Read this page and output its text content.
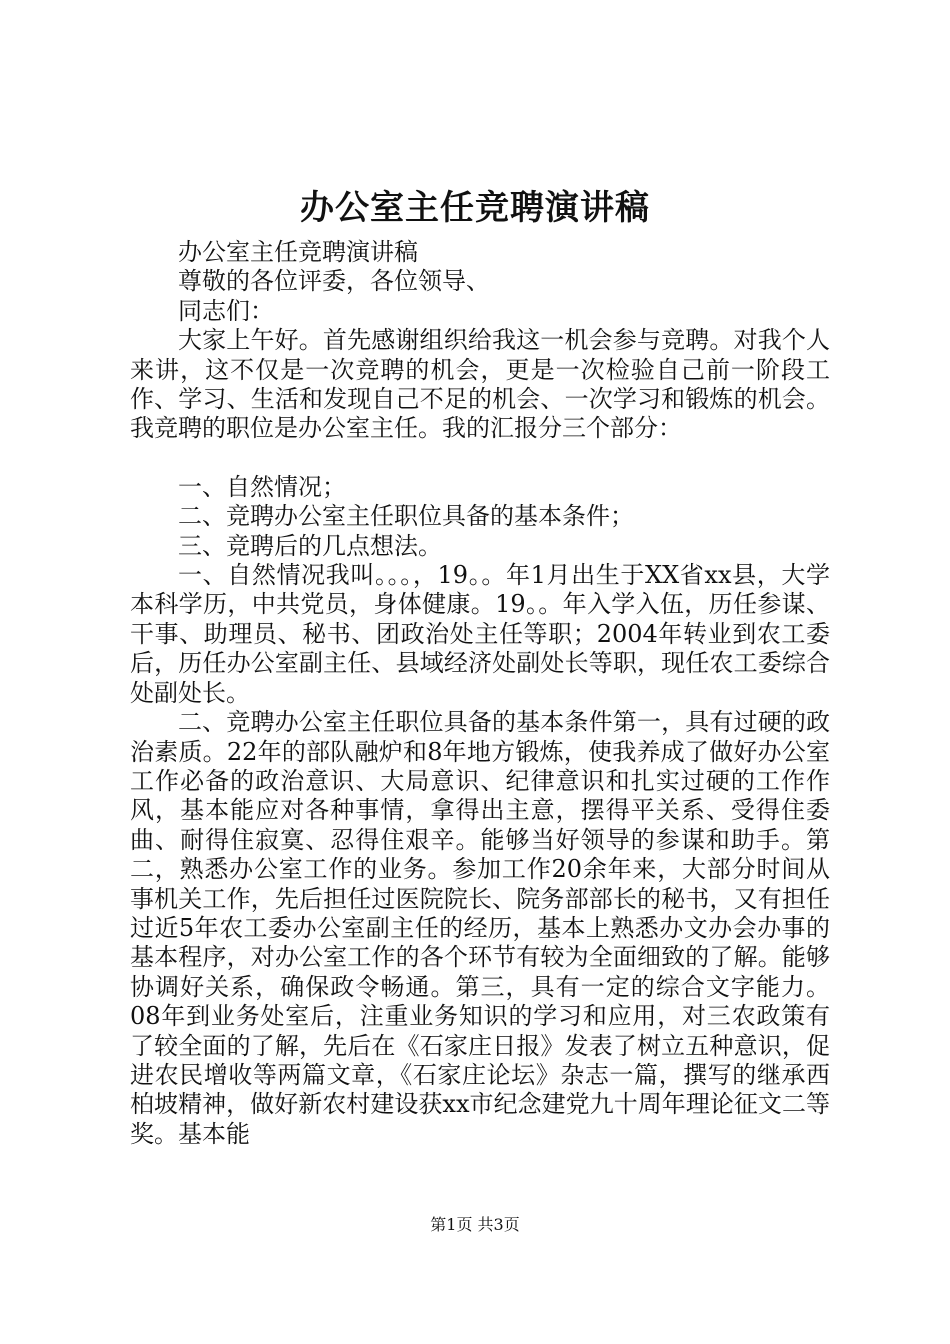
办公室主任竞聘演讲稿

办公室主任竞聘演讲稿

尊敬的各位评委，各位领导、

同志们：

大家上午好。首先感谢组织给我这一机会参与竞聘。对我个人来讲，这不仅是一次竞聘的机会，更是一次检验自己前一阶段工作、学习、生活和发现自己不足的机会、一次学习和锻炼的机会。我竞聘的职位是办公室主任。我的汇报分三个部分：

一、自然情况；

二、竞聘办公室主任职位具备的基本条件；

三、竞聘后的几点想法。

一、自然情况我叫。。。，19。。年1月出生于XX省xx县，大学本科学历，中共党员，身体健康。19。。年入学入伍，历任参谋、干事、助理员、秘书、团政治处主任等职；2004年转业到农工委后，历任办公室副主任、县域经济处副处长等职，现任农工委综合处副处长。

二、竞聘办公室主任职位具备的基本条件第一，具有过硬的政治素质。22年的部队融炉和8年地方锻炼，使我养成了做好办公室工作必备的政治意识、大局意识、纪律意识和扎实过硬的工作作风，基本能应对各种事情，拿得出主意，摆得平关系、受得住委曲、耐得住寂寞、忍得住艰辛。能够当好领导的参谋和助手。第二，熟悉办公室工作的业务。参加工作20余年来，大部分时间从事机关工作，先后担任过医院院长、院务部部长的秘书，又有担任过近5年农工委办公室副主任的经历，基本上熟悉办文办会办事的基本程序，对办公室工作的各个环节有较为全面细致的了解。能够协调好关系，确保政令畅通。第三，具有一定的综合文字能力。08年到业务处室后，注重业务知识的学习和应用，对三农政策有了较全面的了解，先后在《石家庄日报》发表了树立五种意识，促进农民增收等两篇文章，《石家庄论坛》杂志一篇，撰写的继承西柏坡精神，做好新农村建设获xx市纪念建党九十周年理论征文二等奖。基本能

第1页 共3页
